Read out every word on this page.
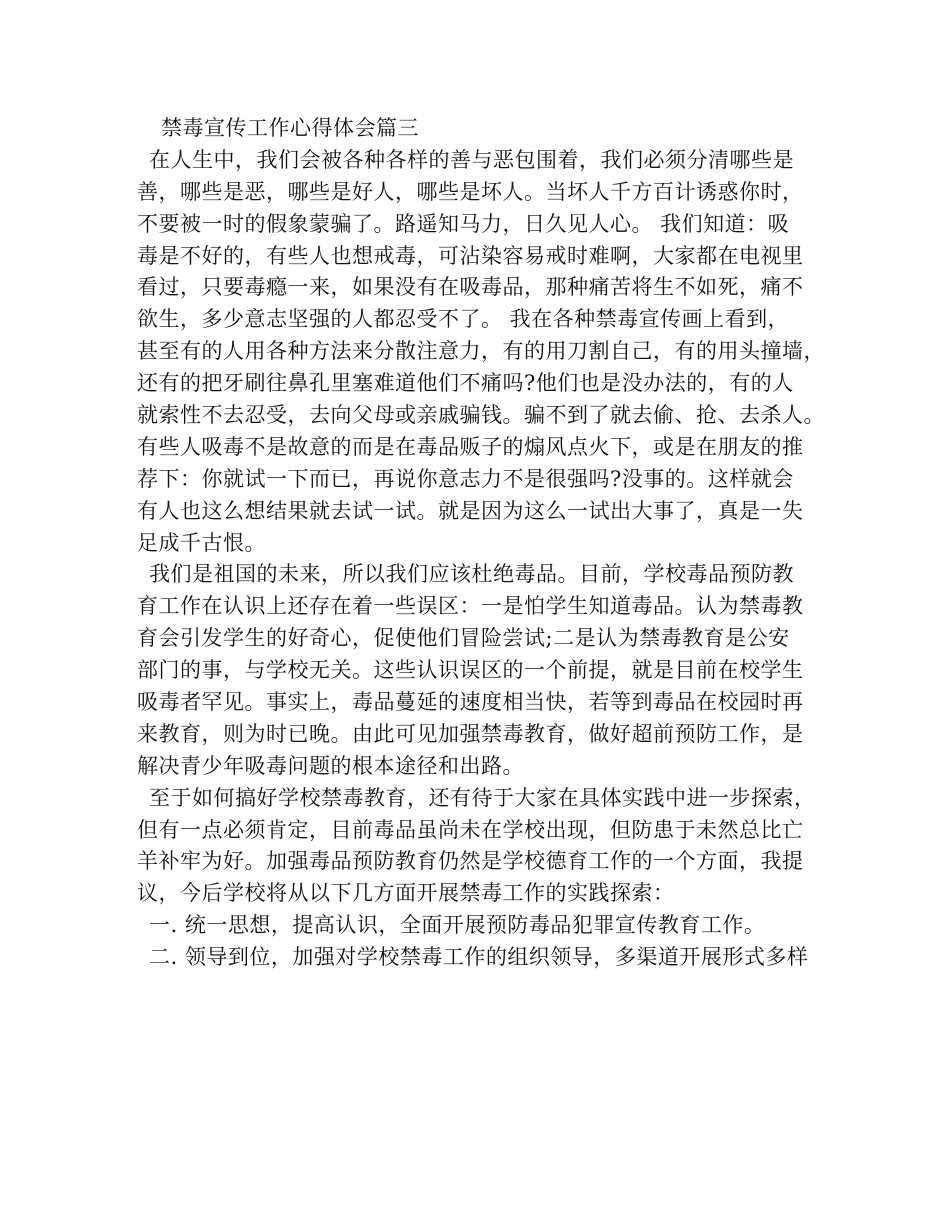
禁毒宣传工作心得体会篇三
在人生中，我们会被各种各样的善与恶包围着，我们必须分清哪些是
善，哪些是恶，哪些是好人，哪些是坏人。当坏人千方百计诱惑你时，
不要被一时的假象蒙骗了。路遥知马力，日久见人心。 我们知道：吸
毒是不好的，有些人也想戒毒，可沾染容易戒时难啊，大家都在电视里
看过，只要毒瘾一来，如果没有在吸毒品，那种痛苦将生不如死，痛不
欲生，多少意志坚强的人都忍受不了。 我在各种禁毒宣传画上看到，
甚至有的人用各种方法来分散注意力，有的用刀割自己，有的用头撞墙，
还有的把牙刷往鼻孔里塞难道他们不痛吗?他们也是没办法的，有的人
就索性不去忍受，去向父母或亲戚骗钱。骗不到了就去偷、抢、去杀人。
有些人吸毒不是故意的而是在毒品贩子的煽风点火下，或是在朋友的推
荐下：你就试一下而已，再说你意志力不是很强吗?没事的。这样就会
有人也这么想结果就去试一试。就是因为这么一试出大事了，真是一失
足成千古恨。
我们是祖国的未来，所以我们应该杜绝毒品。目前，学校毒品预防教
育工作在认识上还存在着一些误区：一是怕学生知道毒品。认为禁毒教
育会引发学生的好奇心，促使他们冒险尝试;二是认为禁毒教育是公安
部门的事，与学校无关。这些认识误区的一个前提，就是目前在校学生
吸毒者罕见。事实上，毒品蔓延的速度相当快，若等到毒品在校园时再
来教育，则为时已晚。由此可见加强禁毒教育，做好超前预防工作，是
解决青少年吸毒问题的根本途径和出路。
至于如何搞好学校禁毒教育，还有待于大家在具体实践中进一步探索，
但有一点必须肯定，目前毒品虽尚未在学校出现，但防患于未然总比亡
羊补牢为好。加强毒品预防教育仍然是学校德育工作的一个方面，我提
议，今后学校将从以下几方面开展禁毒工作的实践探索：
一. 统一思想，提高认识，全面开展预防毒品犯罪宣传教育工作。
二. 领导到位，加强对学校禁毒工作的组织领导，多渠道开展形式多样
